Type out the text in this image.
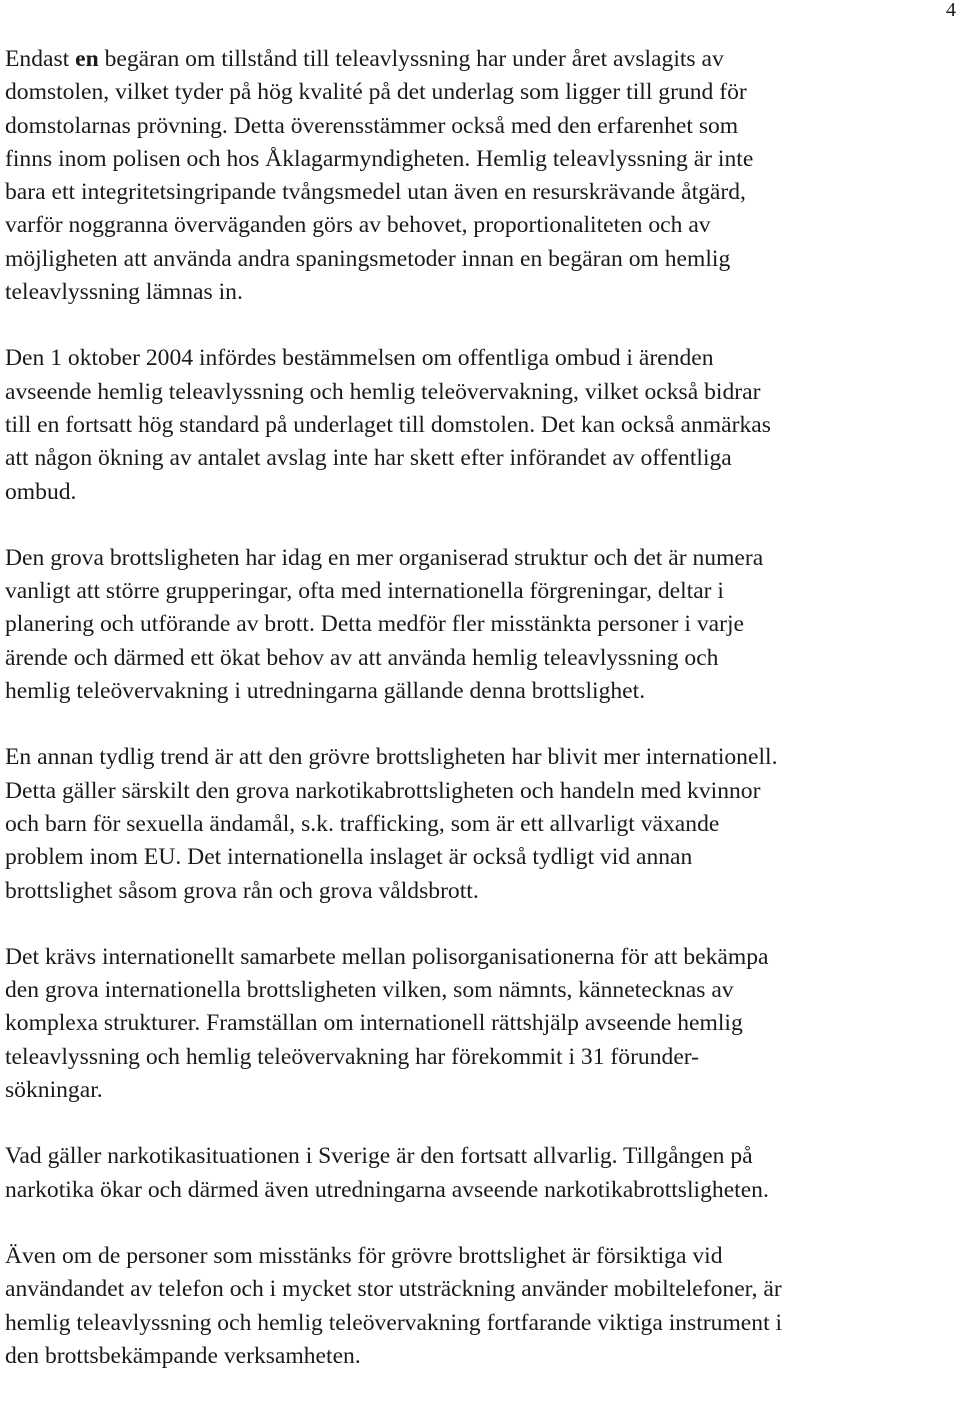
4

Endast en begäran om tillstånd till teleavlyssning har under året avslagits av
domstolen, vilket tyder på hög kvalité på det underlag som ligger till grund för
domstolarnas prövning. Detta överensstämmer också med den erfarenhet som
finns inom polisen och hos Åklagarmyndigheten. Hemlig teleavlyssning är inte
bara ett integritetsingripande tvångsmedel utan även en resurskrävande åtgärd,
varför noggranna överväganden görs av behovet, proportionaliteten och av
möjligheten att använda andra spaningsmetoder innan en begäran om hemlig
teleavlyssning lämnas in.

Den 1 oktober 2004 infördes bestämmelsen om offentliga ombud i ärenden
avseende hemlig teleavlyssning och hemlig teleövervakning, vilket också bidrar
till en fortsatt hög standard på underlaget till domstolen. Det kan också anmärkas
att någon ökning av antalet avslag inte har skett efter införandet av offentliga
ombud.

Den grova brottsligheten har idag en mer organiserad struktur och det är numera
vanligt att större grupperingar, ofta med internationella förgreningar, deltar i
planering och utförande av brott. Detta medför fler misstänkta personer i varje
ärende och därmed ett ökat behov av att använda hemlig teleavlyssning och
hemlig teleövervakning i utredningarna gällande denna brottslighet.

En annan tydlig trend är att den grövre brottsligheten har blivit mer internationell.
Detta gäller särskilt den grova narkotikabrottsligheten och handeln med kvinnor
och barn för sexuella ändamål, s.k. trafficking, som är ett allvarligt växande
problem inom EU. Det internationella inslaget är också tydligt vid annan
brottslighet såsom grova rån och grova våldsbrott.

Det krävs internationellt samarbete mellan polisorganisationerna för att bekämpa
den grova internationella brottsligheten vilken, som nämnts, kännetecknas av
komplexa strukturer. Framställan om internationell rättshjälp avseende hemlig
teleavlyssning och hemlig teleövervakning har förekommit i 31 förunder-
sökningar.

Vad gäller narkotikasituationen i Sverige är den fortsatt allvarlig. Tillgången på
narkotika ökar och därmed även utredningarna avseende narkotikabrottsligheten.

Även om de personer som misstänks för grövre brottslighet är försiktiga vid
användandet av telefon och i mycket stor utsträckning använder mobiltelefoner, är
hemlig teleavlyssning och hemlig teleövervakning fortfarande viktiga instrument i
den brottsbekämpande verksamheten.
